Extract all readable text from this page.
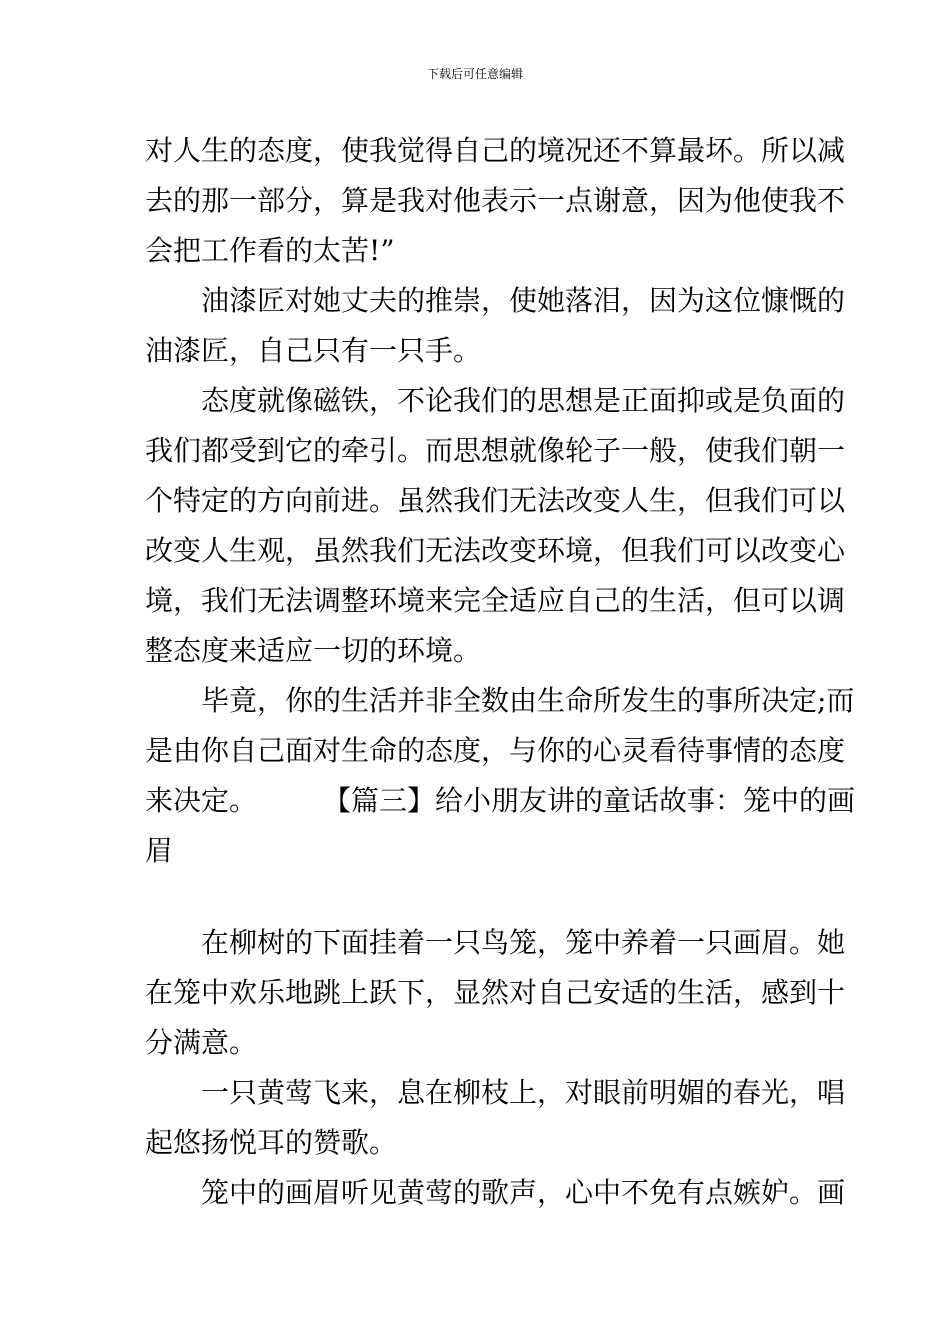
下载后可任意编辑
对人生的态度，使我觉得自己的境况还不算最坏。所以减
去的那一部分，算是我对他表示一点谢意，因为他使我不
会把工作看的太苦!”
油漆匠对她丈夫的推崇，使她落泪，因为这位慷慨的
油漆匠，自己只有一只手。
态度就像磁铁，不论我们的思想是正面抑或是负面的
我们都受到它的牵引。而思想就像轮子一般，使我们朝一
个特定的方向前进。虽然我们无法改变人生，但我们可以
改变人生观，虽然我们无法改变环境，但我们可以改变心
境，我们无法调整环境来完全适应自己的生活，但可以调
整态度来适应一切的环境。
毕竟，你的生活并非全数由生命所发生的事所决定;而
是由你自己面对生命的态度，与你的心灵看待事情的态度
来决定。 【篇三】给小朋友讲的童话故事：笼中的画
眉
在柳树的下面挂着一只鸟笼，笼中养着一只画眉。她
在笼中欢乐地跳上跃下，显然对自己安适的生活，感到十
分满意。
一只黄莺飞来，息在柳枝上，对眼前明媚的春光，唱
起悠扬悦耳的赞歌。
笼中的画眉听见黄莺的歌声，心中不免有点嫉妒。画
